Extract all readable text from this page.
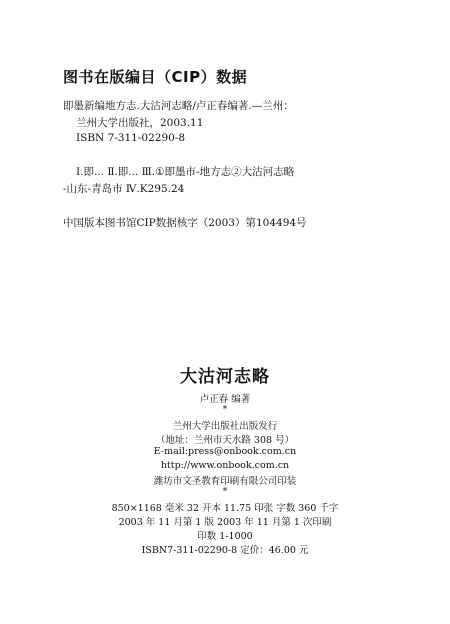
图书在版编目（CIP）数据
即墨新编地方志.大沽河志略/卢正春编著.—兰州：
兰州大学出版社，2003.11
ISBN 7-311-02290-8
Ⅰ.即... Ⅱ.即... Ⅲ.①即墨市-地方志②大沽河志略
-山东-青岛市 Ⅳ.K295.24
中国版本图书馆CIP数据核字（2003）第104494号
大沽河志略
卢正春 编著
*
兰州大学出版社出版发行
（地址：兰州市天水路 308 号）
E-mail:press@onbook.com.cn
http://www.onbook.com.cn
潍坊市文圣教育印刷有限公司印装
*
850×1168 毫米 32 开本 11.75 印张 字数 360 千字
2003 年 11 月第 1 版 2003 年 11 月第 1 次印刷
印数 1-1000
ISBN7-311-02290-8 定价：46.00 元
